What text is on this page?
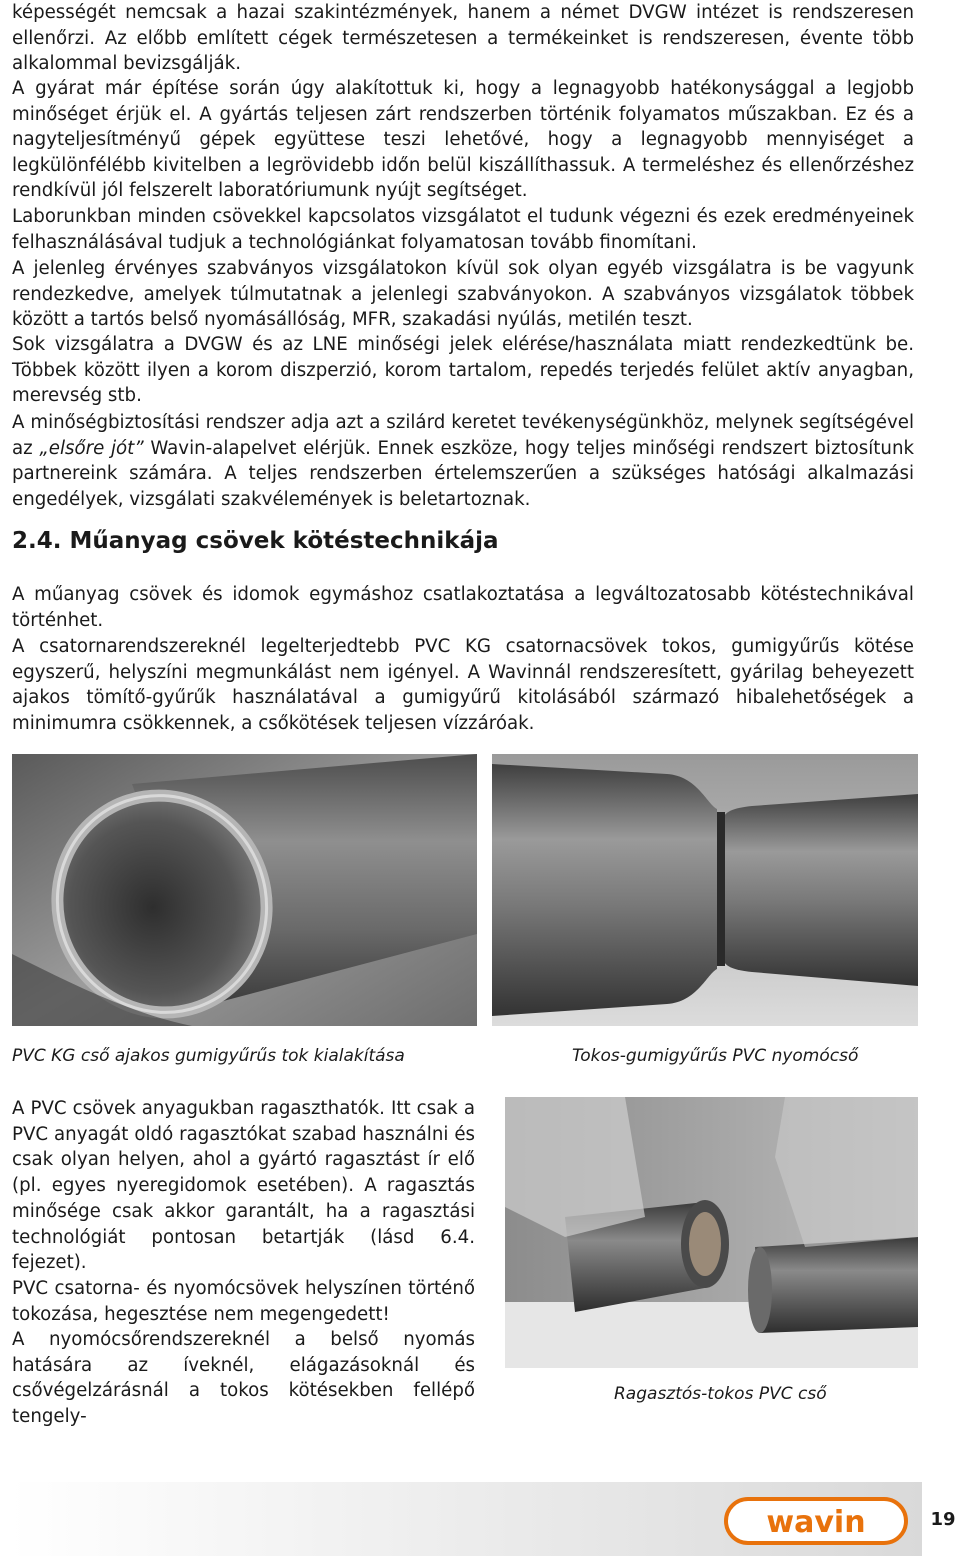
képességét nemcsak a hazai szakintézmények, hanem a német DVGW intézet is rendszeresen ellenőrzi. Az előbb említett cégek természetesen a termékeinket is rendszeresen, évente több alkalommal bevizsgálják.

A gyárat már építése során úgy alakítottuk ki, hogy a legnagyobb hatékonysággal a legjobb minőséget érjük el. A gyártás teljesen zárt rendszerben történik folyamatos műszakban. Ez és a nagyteljesítményű gépek együttese teszi lehetővé, hogy a legnagyobb mennyiséget a legkülönfélébb kivitelben a legrövidebb időn belül kiszállíthassuk. A termeléshez és ellenőrzéshez rendkívül jól felszerelt laboratóriumunk nyújt segítséget.

Laborunkban minden csövekkel kapcsolatos vizsgálatot el tudunk végezni és ezek eredményeinek felhasználásával tudjuk a technológiánkat folyamatosan tovább finomítani.

A jelenleg érvényes szabványos vizsgálatokon kívül sok olyan egyéb vizsgálatra is be vagyunk rendezkedve, amelyek túlmutatnak a jelenlegi szabványokon. A szabványos vizsgálatok többek között a tartós belső nyomásállóság, MFR, szakadási nyúlás, metilén teszt.

Sok vizsgálatra a DVGW és az LNE minőségi jelek elérése/használata miatt rendezkedtünk be. Többek között ilyen a korom diszperzió, korom tartalom, repedés terjedés felület aktív anyagban, merevség stb.

A minőségbiztosítási rendszer adja azt a szilárd keretet tevékenységünkhöz, melynek segítségével az „elsőre jót” Wavin-alapelvet elérjük. Ennek eszköze, hogy teljes minőségi rendszert biztosítunk partnereink számára. A teljes rendszerben értelemszerűen a szükséges hatósági alkalmazási engedélyek, vizsgálati szakvélemények is beletartoznak.

2.4. Műanyag csövek kötéstechnikája

A műanyag csövek és idomok egymáshoz csatlakoztatása a legváltozatosabb kötéstechnikával történhet.

A csatornarendszereknél legelterjedtebb PVC KG csatornacsövek tokos, gumigyűrűs kötése egyszerű, helyszíni megmunkálást nem igényel. A Wavinnál rendszeresített, gyárilag beheyezett ajakos tömítő-gyűrűk használatával a gumigyűrű kitolásából származó hibalehetőségek a minimumra csökkennek, a csőkötések teljesen vízzáróak.

PVC KG cső ajakos gumigyűrűs tok kialakítása	Tokos-gumigyűrűs PVC nyomócső

A PVC csövek anyagukban ragaszthatók. Itt csak a PVC anyagát oldó ragasztókat szabad használni és csak olyan helyen, ahol a gyártó ragasztást ír elő (pl. egyes nyeregidomok esetében). A ragasztás minősége csak akkor garantált, ha a ragasztási technológiát pontosan betartják (lásd 6.4. fejezet).

PVC csatorna- és nyomócsövek helyszínen történő tokozása, hegesztése nem megengedett!

A nyomócsőrendszereknél a belső nyomás hatására az íveknél, elágazásoknál és csővégelzárásnál a tokos kötésekben fellépő tengely-

Ragasztós-tokos PVC cső

wavin	19
